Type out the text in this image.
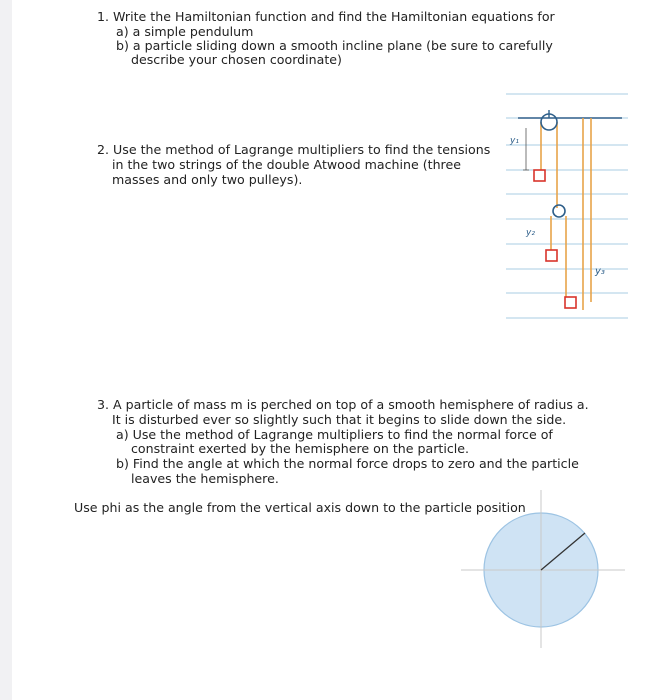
1. Write the Hamiltonian function and find the Hamiltonian equations for
a) a simple pendulum
b) a particle sliding down a smooth incline plane (be sure to carefully
describe your chosen coordinate)
2. Use the method of Lagrange multipliers to find the tensions
in the two strings of the double Atwood machine (three
masses and only two pulleys).
y₁
y₂
y₃
3. A particle of mass m is perched on top of a smooth hemisphere of radius a.
It is disturbed ever so slightly such that it begins to slide down the side.
a) Use the method of Lagrange multipliers to find the normal force of
constraint exerted by the hemisphere on the particle.
b) Find the angle at which the normal force drops to zero and the particle
leaves the hemisphere.
Use phi as the angle from the vertical axis down to the particle position
